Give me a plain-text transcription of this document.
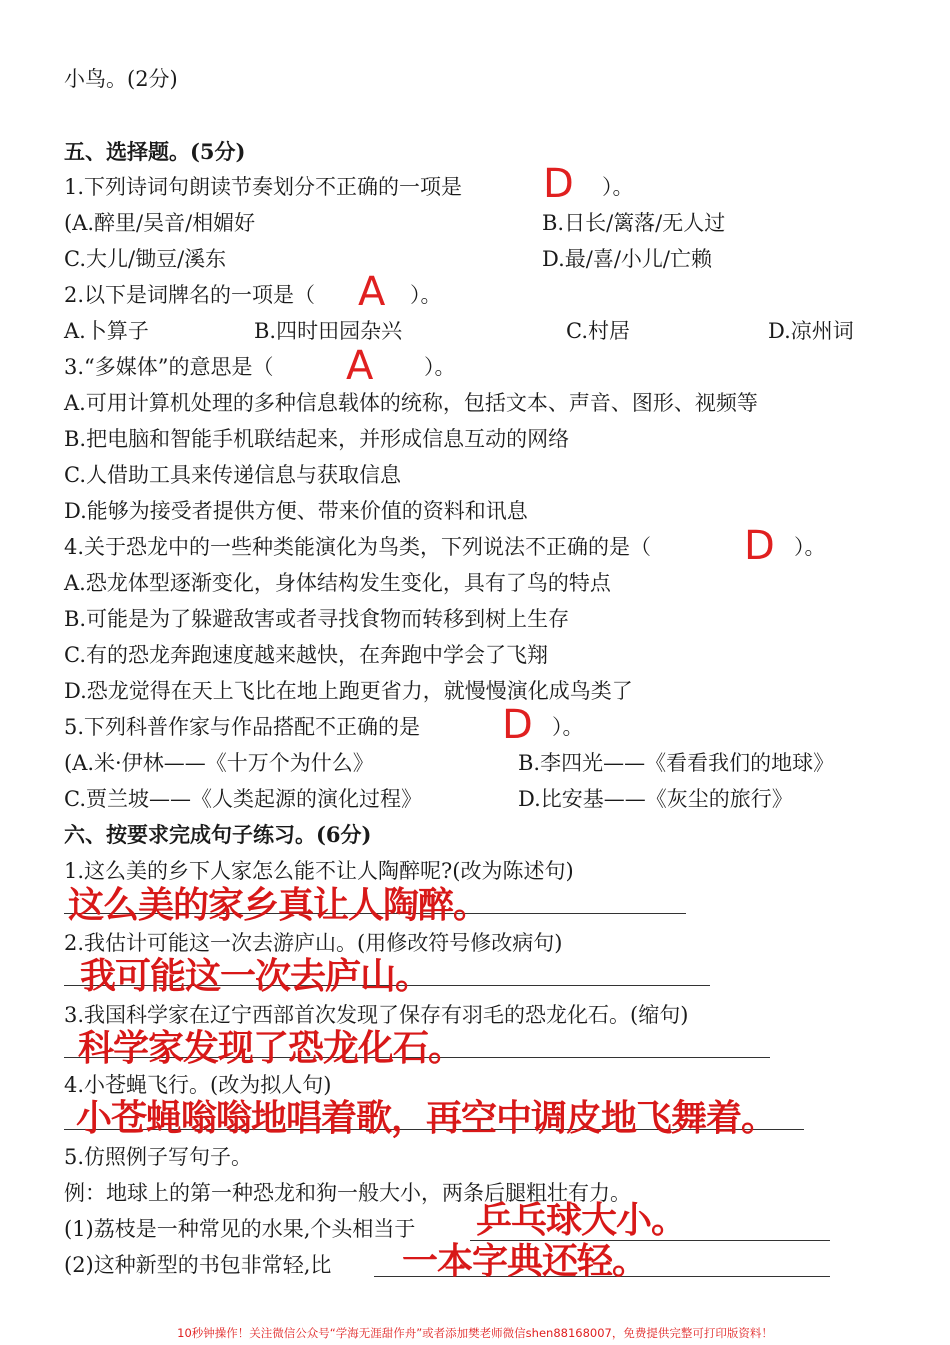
小鸟。(2分)
五、选择题。(5分)
1.下列诗词句朗读节奏划分不正确的一项是 D ）。
(A.醉里/吴音/相媚好	B.日长/篱落/无人过
C.大儿/锄豆/溪东	D.最/喜/小儿/亡赖
2.以下是词牌名的一项是（ A ）。
A.卜算子	B.四时田园杂兴	C.村居	D.凉州词
3.“多媒体”的意思是（ A ）。
A.可用计算机处理的多种信息载体的统称，包括文本、声音、图形、视频等
B.把电脑和智能手机联结起来，并形成信息互动的网络
C.人借助工具来传递信息与获取信息
D.能够为接受者提供方便、带来价值的资料和讯息
4.关于恐龙中的一些种类能演化为鸟类，下列说法不正确的是（ D ）。
A.恐龙体型逐渐变化，身体结构发生变化，具有了鸟的特点
B.可能是为了躲避敌害或者寻找食物而转移到树上生存
C.有的恐龙奔跑速度越来越快，在奔跑中学会了飞翔
D.恐龙觉得在天上飞比在地上跑更省力，就慢慢演化成鸟类了
5.下列科普作家与作品搭配不正确的是 D ）。
(A.米·伊林——《十万个为什么》	B.李四光——《看看我们的地球》
C.贾兰坡——《人类起源的演化过程》	D.比安基——《灰尘的旅行》
六、按要求完成句子练习。(6分)
1.这么美的乡下人家怎么能不让人陶醉呢?(改为陈述句)
这么美的家乡真让人陶醉。
2.我估计可能这一次去游庐山。(用修改符号修改病句)
我可能这一次去庐山。
3.我国科学家在辽宁西部首次发现了保存有羽毛的恐龙化石。(缩句)
科学家发现了恐龙化石。
4.小苍蝇飞行。(改为拟人句)
小苍蝇嗡嗡地唱着歌，再空中调皮地飞舞着。
5.仿照例子写句子。
例：地球上的第一种恐龙和狗一般大小，两条后腿粗壮有力。
(1)荔枝是一种常见的水果,个头相当于 乒乓球大小。
(2)这种新型的书包非常轻,比 一本字典还轻。
10秒钟操作！关注微信公众号“学海无涯甜作舟”或者添加樊老师微信shen88168007，免费提供完整可打印版资料！
